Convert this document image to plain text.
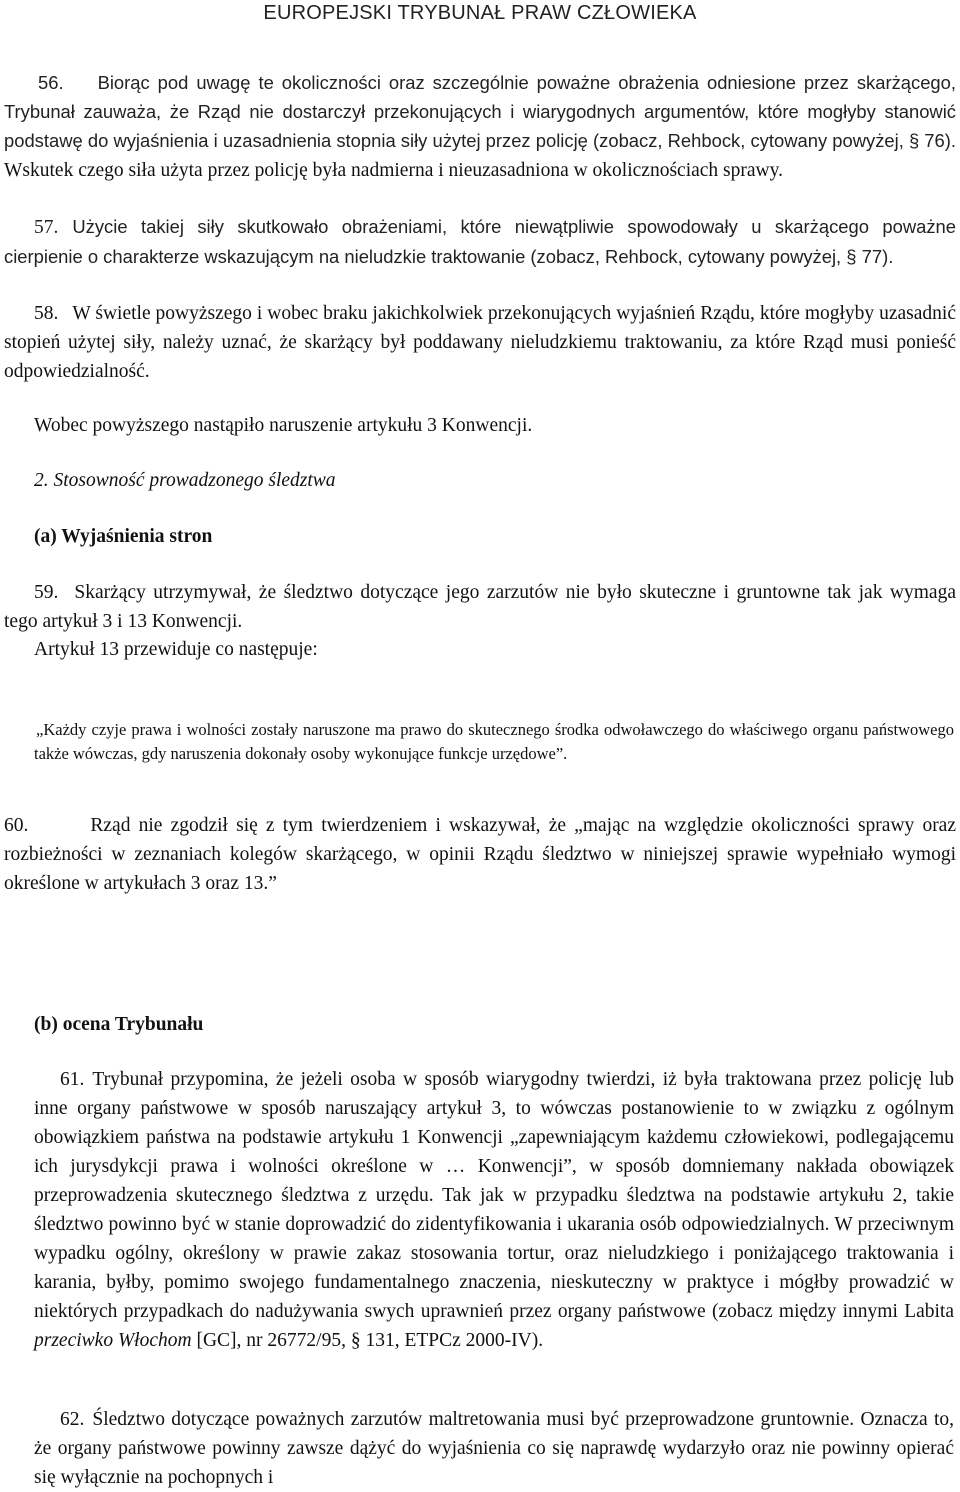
EUROPEJSKI TRYBUNAŁ PRAW CZŁOWIEKA
56. Biorąc pod uwagę te okoliczności oraz szczególnie poważne obrażenia odniesione przez skarżącego, Trybunał zauważa, że Rząd nie dostarczył przekonujących i wiarygodnych argumentów, które mogłyby stanowić podstawę do wyjaśnienia i uzasadnienia stopnia siły użytej przez policję (zobacz, Rehbock, cytowany powyżej, § 76). Wskutek czego siła użyta przez policję była nadmierna i nieuzasadniona w okolicznościach sprawy.
57. Użycie takiej siły skutkowało obrażeniami, które niewątpliwie spowodowały u skarżącego poważne cierpienie o charakterze wskazującym na nieludzkie traktowanie (zobacz, Rehbock, cytowany powyżej, § 77).
58. W świetle powyższego i wobec braku jakichkolwiek przekonujących wyjaśnień Rządu, które mogłyby uzasadnić stopień użytej siły, należy uznać, że skarżący był poddawany nieludzkiemu traktowaniu, za które Rząd musi ponieść odpowiedzialność.
Wobec powyższego nastąpiło naruszenie artykułu 3 Konwencji.
2. Stosowność prowadzonego śledztwa
(a) Wyjaśnienia stron
59. Skarżący utrzymywał, że śledztwo dotyczące jego zarzutów nie było skuteczne i gruntowne tak jak wymaga tego artykuł 3 i 13 Konwencji.
Artykuł 13 przewiduje co następuje:
„Każdy czyje prawa i wolności zostały naruszone ma prawo do skutecznego środka odwoławczego do właściwego organu państwowego także wówczas, gdy naruszenia dokonały osoby wykonujące funkcje urzędowe”.
60.	Rząd nie zgodził się z tym twierdzeniem i wskazywał, że „mając na względzie okoliczności sprawy oraz rozbieżności w zeznaniach kolegów skarżącego, w opinii Rządu śledztwo w niniejszej sprawie wypełniało wymogi określone w artykułach 3 oraz 13.”
(b) ocena Trybunału
61. Trybunał przypomina, że jeżeli osoba w sposób wiarygodny twierdzi, iż była traktowana przez policję lub inne organy państwowe w sposób naruszający artykuł 3, to wówczas postanowienie to w związku z ogólnym obowiązkiem państwa na podstawie artykułu 1 Konwencji „zapewniającym każdemu człowiekowi, podlegającemu ich jurysdykcji prawa i wolności określone w … Konwencji”, w sposób domniemany nakłada obowiązek przeprowadzenia skutecznego śledztwa z urzędu. Tak jak w przypadku śledztwa na podstawie artykułu 2, takie śledztwo powinno być w stanie doprowadzić do zidentyfikowania i ukarania osób odpowiedzialnych. W przeciwnym wypadku ogólny, określony w prawie zakaz stosowania tortur, oraz nieludzkiego i poniżającego traktowania i karania, byłby, pomimo swojego fundamentalnego znaczenia, nieskuteczny w praktyce i mógłby prowadzić w niektórych przypadkach do nadużywania swych uprawnień przez organy państwowe (zobacz między innymi Labita przeciwko Włochom [GC], nr 26772/95, § 131, ETPCz 2000-IV).
62. Śledztwo dotyczące poważnych zarzutów maltretowania musi być przeprowadzone gruntownie. Oznacza to, że organy państwowe powinny zawsze dążyć do wyjaśnienia co się naprawdę wydarzyło oraz nie powinny opierać się wyłącznie na pochopnych i
